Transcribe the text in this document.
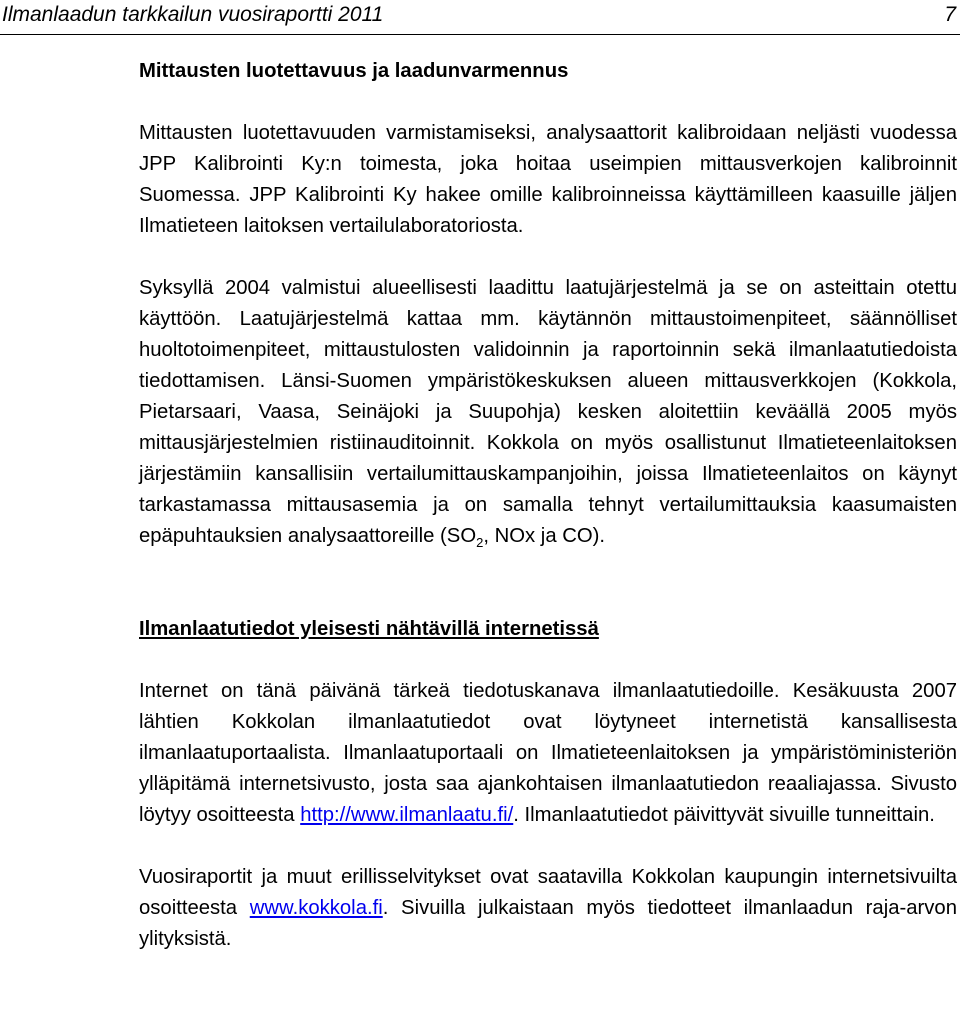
Ilmanlaadun tarkkailun vuosiraportti 2011	7
Mittausten luotettavuus ja laadunvarmennus

Mittausten luotettavuuden varmistamiseksi, analysaattorit kalibroidaan neljästi vuodessa JPP Kalibrointi Ky:n toimesta, joka hoitaa useimpien mittausverkojen kalibroinnit Suomessa. JPP Kalibrointi Ky hakee omille kalibroinneissa käyttämilleen kaasuille jäljen Ilmatieteen laitoksen vertailulaboratoriosta.

Syksyllä 2004 valmistui alueellisesti laadittu laatujärjestelmä ja se on asteittain otettu käyttöön. Laatujärjestelmä kattaa mm. käytännön mittaustoimenpiteet, säännölliset huoltotoimenpiteet, mittaustulosten validoinnin ja raportoinnin sekä ilmanlaatutiedoista tiedottamisen. Länsi-Suomen ympäristökeskuksen alueen mittausverkkojen (Kokkola, Pietarsaari, Vaasa, Seinäjoki ja Suupohja) kesken aloitettiin keväällä 2005 myös mittausjärjestelmien ristiinauditoinnit. Kokkola on myös osallistunut Ilmatieteenlaitoksen järjestämiin kansallisiin vertailumittauskampanjoihin, joissa Ilmatieteenlaitos on käynyt tarkastamassa mittausasemia ja on samalla tehnyt vertailumittauksia kaasumaisten epäpuhtauksien analysaattoreille ($SO_2$, NOx ja CO).

Ilmanlaatutiedot yleisesti nähtävillä internetissä

Internet on tänä päivänä tärkeä tiedotuskanava ilmanlaatutiedoille. Kesäkuusta 2007 lähtien Kokkolan ilmanlaatutiedot ovat löytyneet internetistä kansallisesta ilmanlaatuportaalista. Ilmanlaatuportaali on Ilmatieteenlaitoksen ja ympäristöministeriön ylläpitämä internetsivusto, josta saa ajankohtaisen ilmanlaatutiedon reaaliajassa. Sivusto löytyy osoitteesta http://www.ilmanlaatu.fi/. Ilmanlaatutiedot päivittyvät sivuille tunneittain.

Vuosiraportit ja muut erillisselvitykset ovat saatavilla Kokkolan kaupungin internetsivuilta osoitteesta www.kokkola.fi. Sivuilla julkaistaan myös tiedotteet ilmanlaadun raja-arvon ylityksistä.
